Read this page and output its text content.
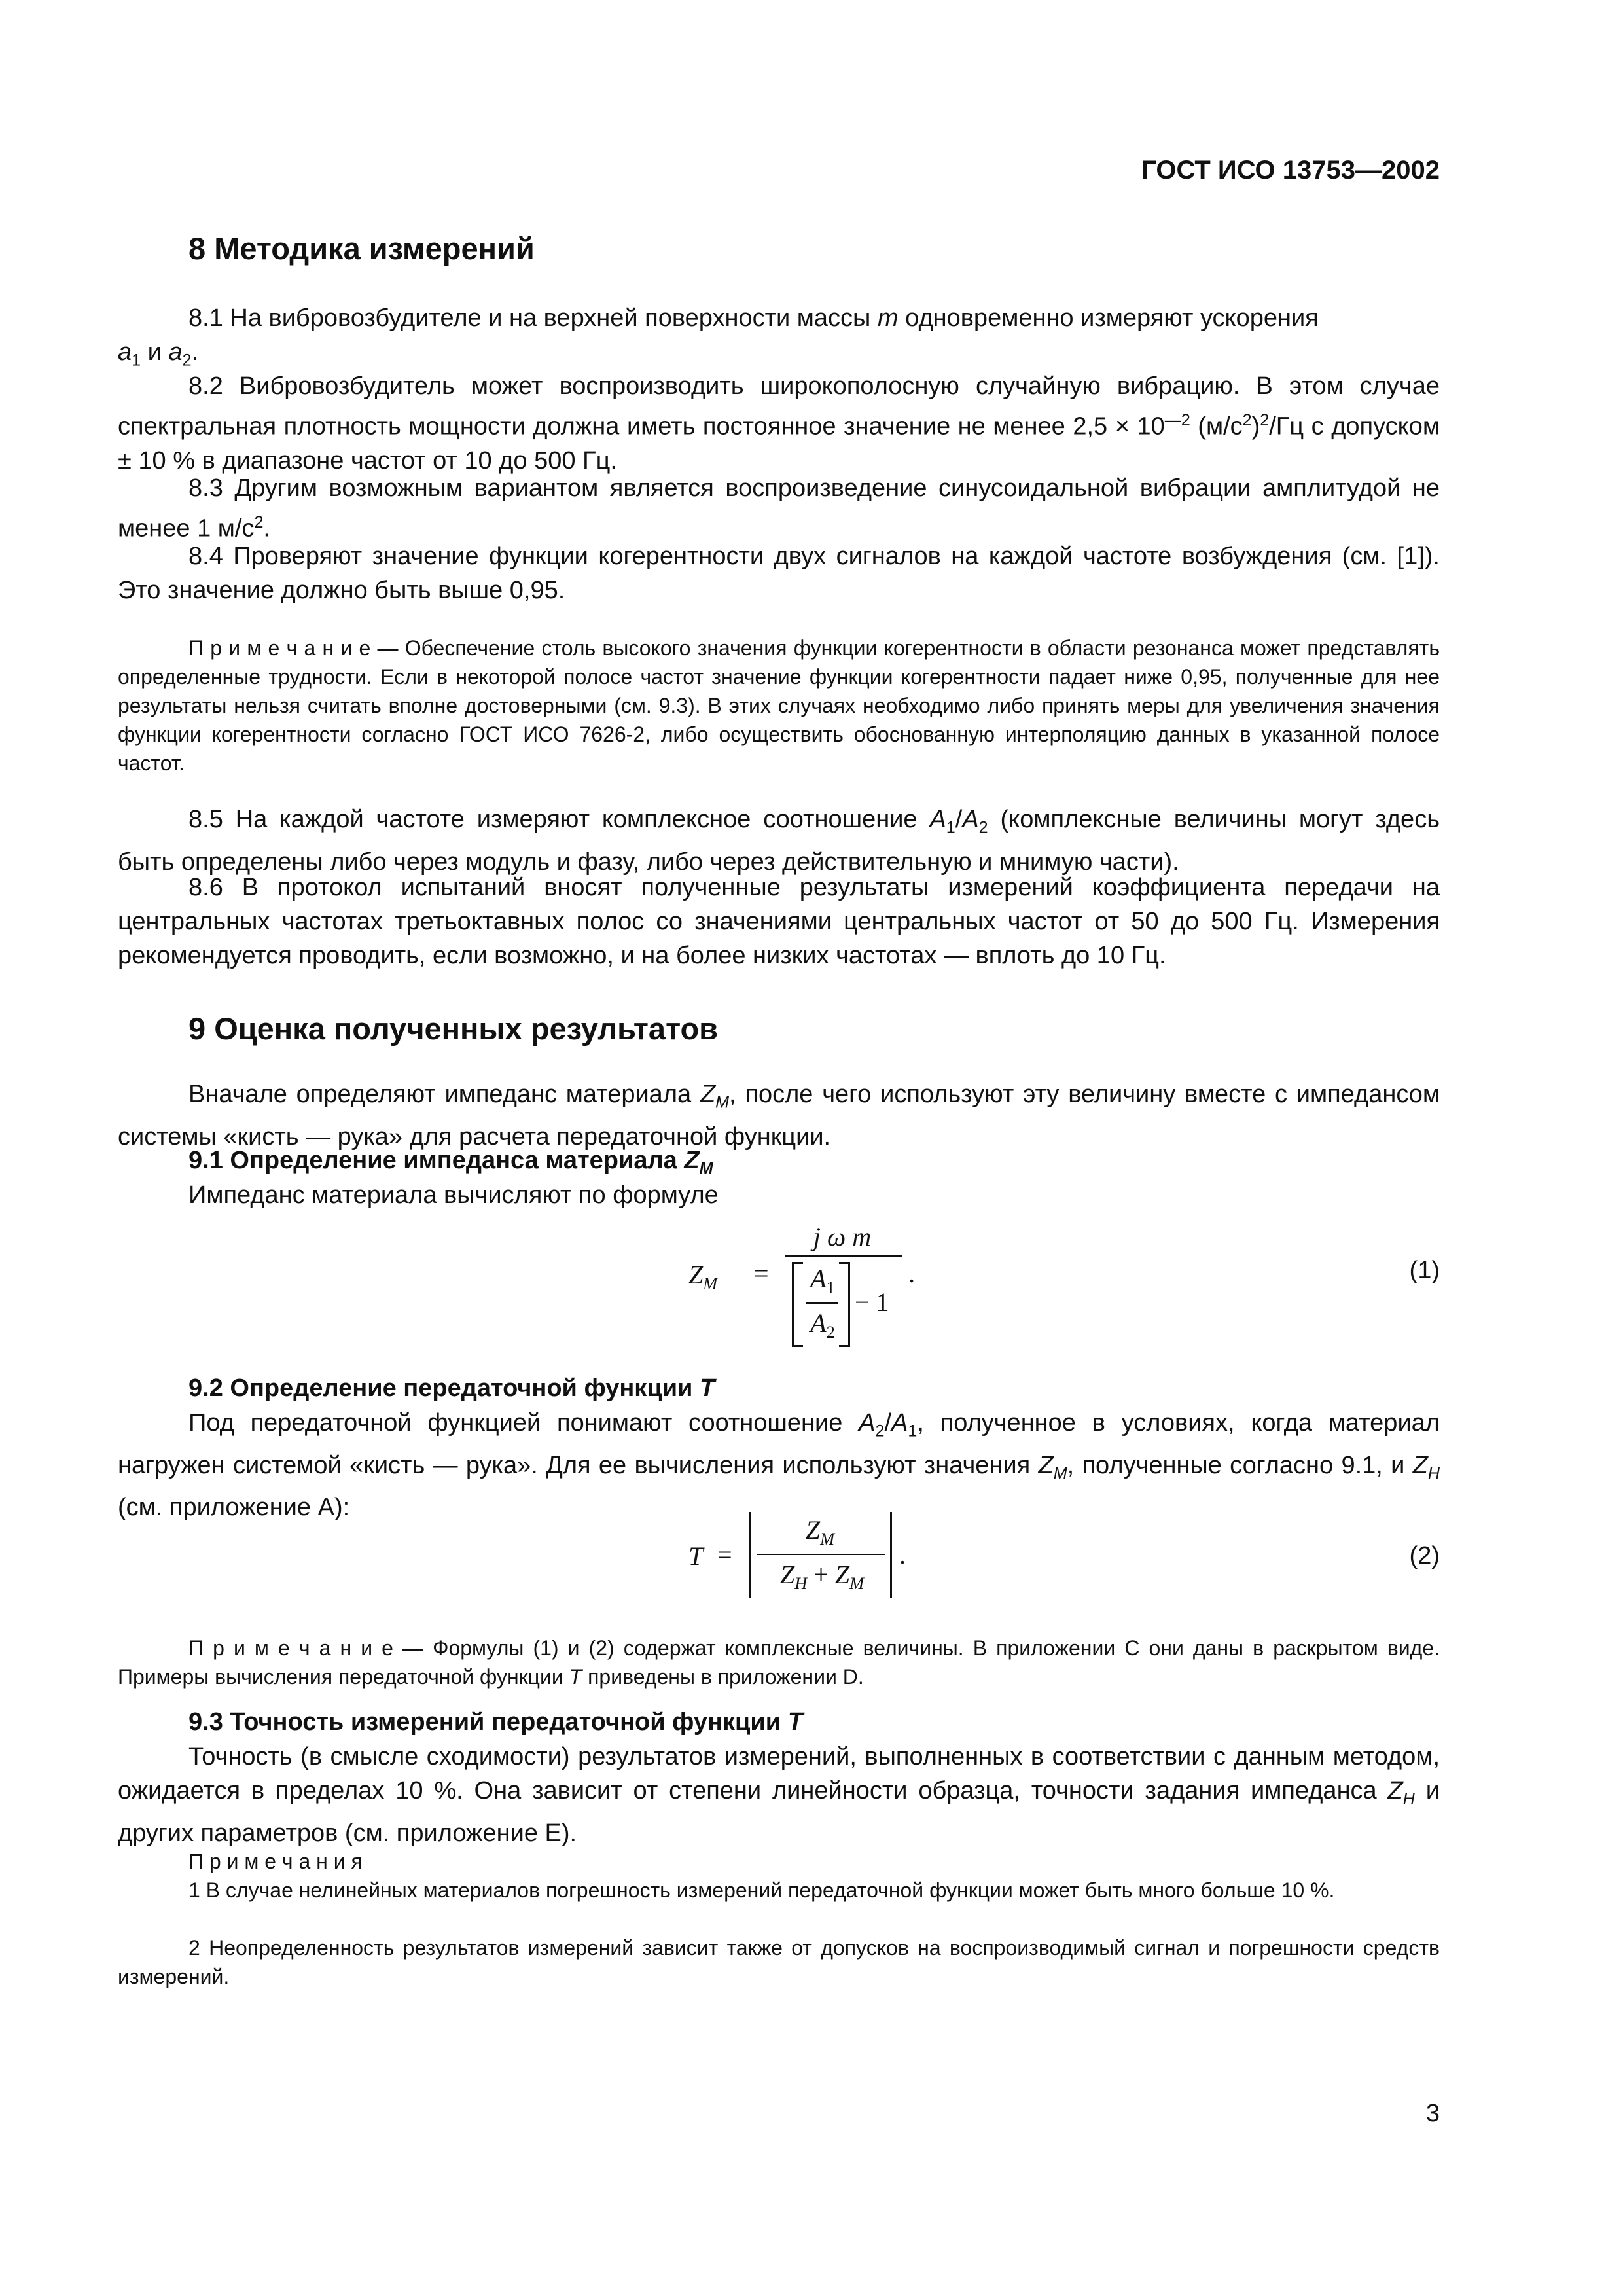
ГОСТ ИСО 13753—2002
8 Методика измерений
8.1 На вибровозбудителе и на верхней поверхности массы m одновременно измеряют ускорения
$a_1$ и $a_2$.
8.2 Вибровозбудитель может воспроизводить широкополосную случайную вибрацию. В этом случае спектральная плотность мощности должна иметь постоянное значение не менее $2,5 \times 10^{—2}$ $(м/с^2)^2/Гц$ с допуском ± 10 % в диапазоне частот от 10 до 500 Гц.
8.3 Другим возможным вариантом является воспроизведение синусоидальной вибрации амплитудой не менее 1 $м/с^2$.
8.4 Проверяют значение функции когерентности двух сигналов на каждой частоте возбуждения (см. [1]). Это значение должно быть выше 0,95.
П р и м е ч а н и е — Обеспечение столь высокого значения функции когерентности в области резонанса может представлять определенные трудности. Если в некоторой полосе частот значение функции когерентности падает ниже 0,95, полученные для нее результаты нельзя считать вполне достоверными (см. 9.3). В этих случаях необходимо либо принять меры для увеличения значения функции когерентности согласно ГОСТ ИСО 7626-2, либо осуществить обоснованную интерполяцию данных в указанной полосе частот.
8.5 На каждой частоте измеряют комплексное соотношение $A_1/A_2$ (комплексные величины могут здесь быть определены либо через модуль и фазу, либо через действительную и мнимую части).
8.6 В протокол испытаний вносят полученные результаты измерений коэффициента передачи на центральных частотах третьоктавных полос со значениями центральных частот от 50 до 500 Гц. Измерения рекомендуется проводить, если возможно, и на более низких частотах — вплоть до 10 Гц.
9 Оценка полученных результатов
Вначале определяют импеданс материала $Z_M$, после чего используют эту величину вместе с импедансом системы «кисть — рука» для расчета передаточной функции.
9.1 Определение импеданса материала $Z_M$
Импеданс материала вычисляют по формуле
$Z_M$ =
j ω m
$A_1$
$A_2$
− 1
.	(1)
9.2 Определение передаточной функции T
Под передаточной функцией понимают соотношение $A_2/A_1$, полученное в условиях, когда материал нагружен системой «кисть — рука». Для ее вычисления используют значения $Z_M$, полученные согласно 9.1, и $Z_H$ (см. приложение А):
T =
$Z_M$
$Z_H + Z_M$
.	(2)
П р и м е ч а н и е — Формулы (1) и (2) содержат комплексные величины. В приложении С они даны в раскрытом виде. Примеры вычисления передаточной функции T приведены в приложении D.
9.3 Точность измерений передаточной функции T
Точность (в смысле сходимости) результатов измерений, выполненных в соответствии с данным методом, ожидается в пределах 10 %. Она зависит от степени линейности образца, точности задания импеданса $Z_H$ и других параметров (см. приложение Е).
П р и м е ч а н и я
1 В случае нелинейных материалов погрешность измерений передаточной функции может быть много больше 10 %.
2 Неопределенность результатов измерений зависит также от допусков на воспроизводимый сигнал и погрешности средств измерений.
3
